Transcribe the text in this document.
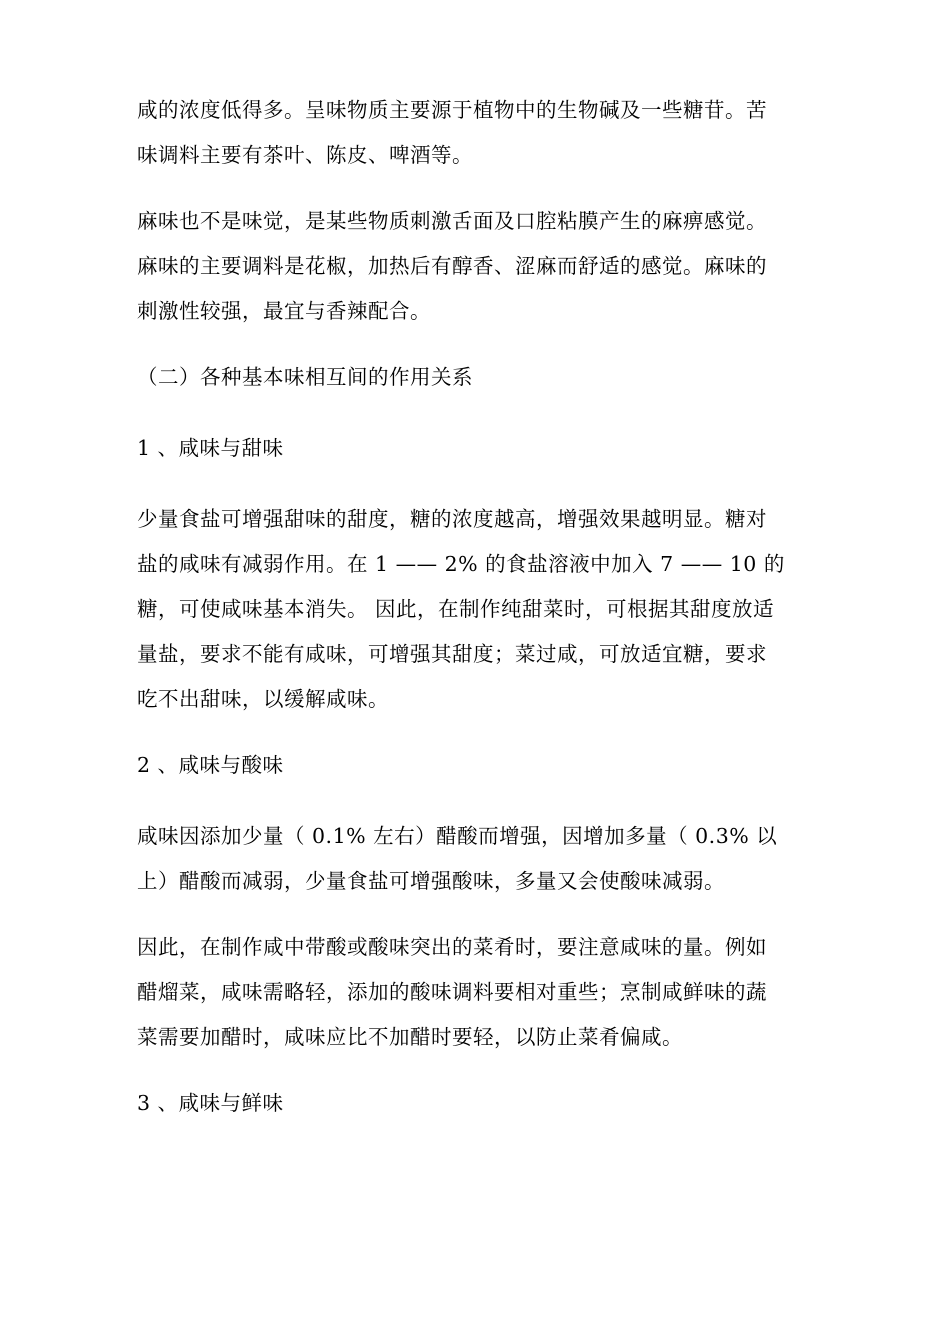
咸的浓度低得多。呈味物质主要源于植物中的生物碱及一些糖苷。苦
味调料主要有茶叶、陈皮、啤酒等。

麻味也不是味觉，是某些物质刺激舌面及口腔粘膜产生的麻痹感觉。
麻味的主要调料是花椒，加热后有醇香、涩麻而舒适的感觉。麻味的
刺激性较强，最宜与香辣配合。

（二）各种基本味相互间的作用关系

1 、咸味与甜味

少量食盐可增强甜味的甜度，糖的浓度越高，增强效果越明显。糖对
盐的咸味有减弱作用。在 1 —— 2% 的食盐溶液中加入 7 —— 10 的
糖，可使咸味基本消失。 因此，在制作纯甜菜时，可根据其甜度放适
量盐，要求不能有咸味，可增强其甜度；菜过咸，可放适宜糖，要求
吃不出甜味，以缓解咸味。

2 、咸味与酸味

咸味因添加少量（ 0.1% 左右）醋酸而增强，因增加多量（ 0.3% 以
上）醋酸而减弱，少量食盐可增强酸味，多量又会使酸味减弱。

因此，在制作咸中带酸或酸味突出的菜肴时，要注意咸味的量。例如
醋熘菜，咸味需略轻，添加的酸味调料要相对重些；烹制咸鲜味的蔬
菜需要加醋时，咸味应比不加醋时要轻，以防止菜肴偏咸。

3 、咸味与鲜味
